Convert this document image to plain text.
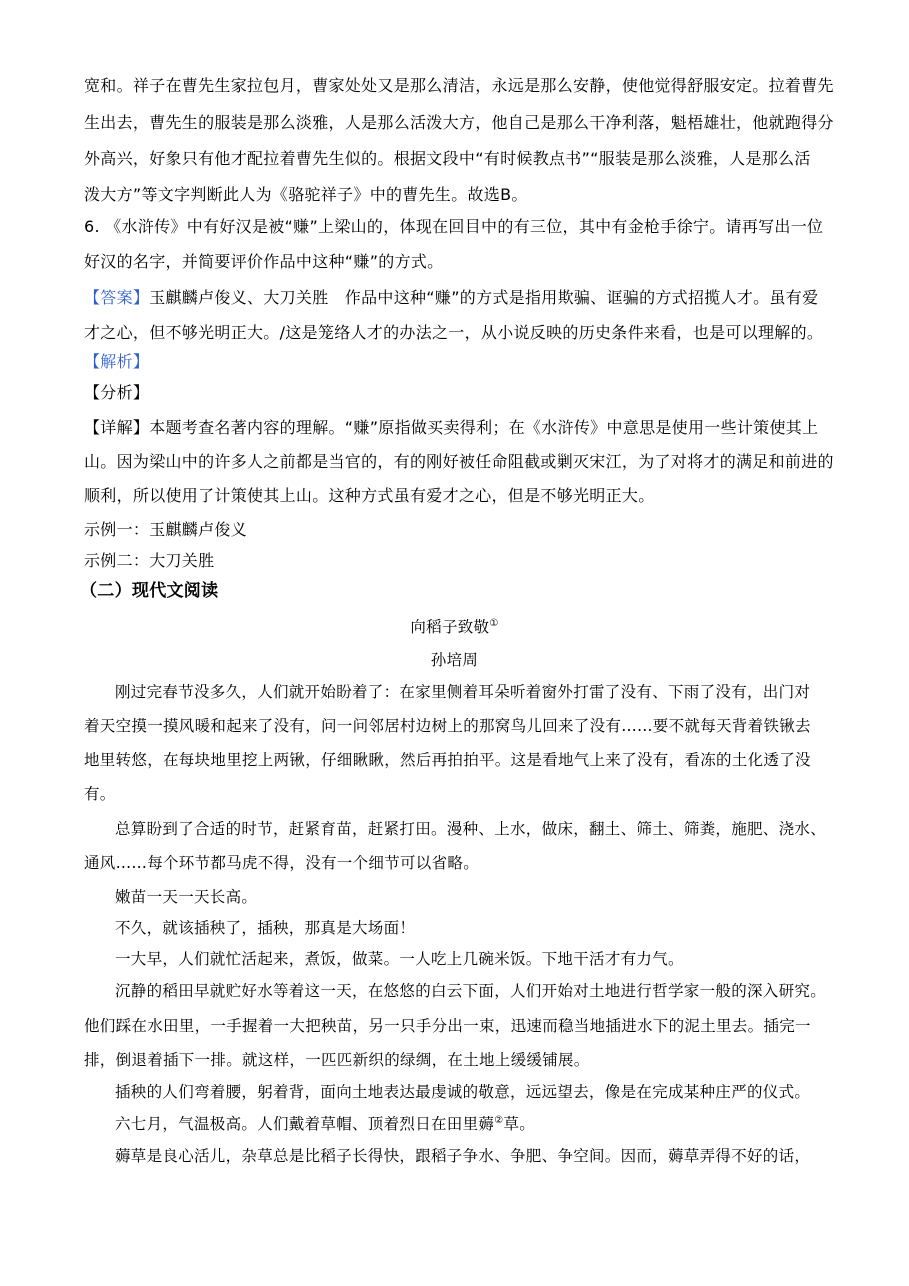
宽和。祥子在曹先生家拉包月，曹家处处又是那么清洁，永远是那么安静，使他觉得舒服安定。拉着曹先
生出去，曹先生的服装是那么淡雅，人是那么活泼大方，他自己是那么干净利落，魁梧雄壮，他就跑得分
外高兴，好象只有他才配拉着曹先生似的。根据文段中“有时候教点书”“服装是那么淡雅，人是那么活
泼大方”等文字判断此人为《骆驼祥子》中的曹先生。故选B。
6. 《水浒传》中有好汉是被“赚”上梁山的，体现在回目中的有三位，其中有金枪手徐宁。请再写出一位
好汉的名字，并简要评价作品中这种“赚”的方式。
【答案】玉麒麟卢俊义、大刀关胜　作品中这种“赚”的方式是指用欺骗、诓骗的方式招揽人才。虽有爱
才之心，但不够光明正大。/这是笼络人才的办法之一，从小说反映的历史条件来看，也是可以理解的。
【解析】
【分析】
【详解】本题考查名著内容的理解。“赚”原指做买卖得利；在《水浒传》中意思是使用一些计策使其上
山。因为梁山中的许多人之前都是当官的，有的刚好被任命阻截或剿灭宋江，为了对将才的满足和前进的
顺利，所以使用了计策使其上山。这种方式虽有爱才之心，但是不够光明正大。
示例一：玉麒麟卢俊义
示例二：大刀关胜
（二）现代文阅读
向稻子致敬①
孙培周
刚过完春节没多久，人们就开始盼着了：在家里侧着耳朵听着窗外打雷了没有、下雨了没有，出门对
着天空摸一摸风暖和起来了没有，问一问邻居村边树上的那窝鸟儿回来了没有……要不就每天背着铁锹去
地里转悠，在每块地里挖上两锹，仔细瞅瞅，然后再拍拍平。这是看地气上来了没有，看冻的土化透了没
有。
总算盼到了合适的时节，赶紧育苗，赶紧打田。漫种、上水，做床，翻土、筛土、筛粪，施肥、浇水、
通风……每个环节都马虎不得，没有一个细节可以省略。
嫩苗一天一天长高。
不久，就该插秧了，插秧，那真是大场面！
一大早，人们就忙活起来，煮饭，做菜。一人吃上几碗米饭。下地干活才有力气。
沉静的稻田早就贮好水等着这一天，在悠悠的白云下面，人们开始对土地进行哲学家一般的深入研究。
他们踩在水田里，一手握着一大把秧苗，另一只手分出一束，迅速而稳当地插进水下的泥土里去。插完一
排，倒退着插下一排。就这样，一匹匹新织的绿绸，在土地上缓缓铺展。
插秧的人们弯着腰，躬着背，面向土地表达最虔诚的敬意，远远望去，像是在完成某种庄严的仪式。
六七月，气温极高。人们戴着草帽、顶着烈日在田里薅②草。
薅草是良心活儿，杂草总是比稻子长得快，跟稻子争水、争肥、争空间。因而，薅草弄得不好的话，
